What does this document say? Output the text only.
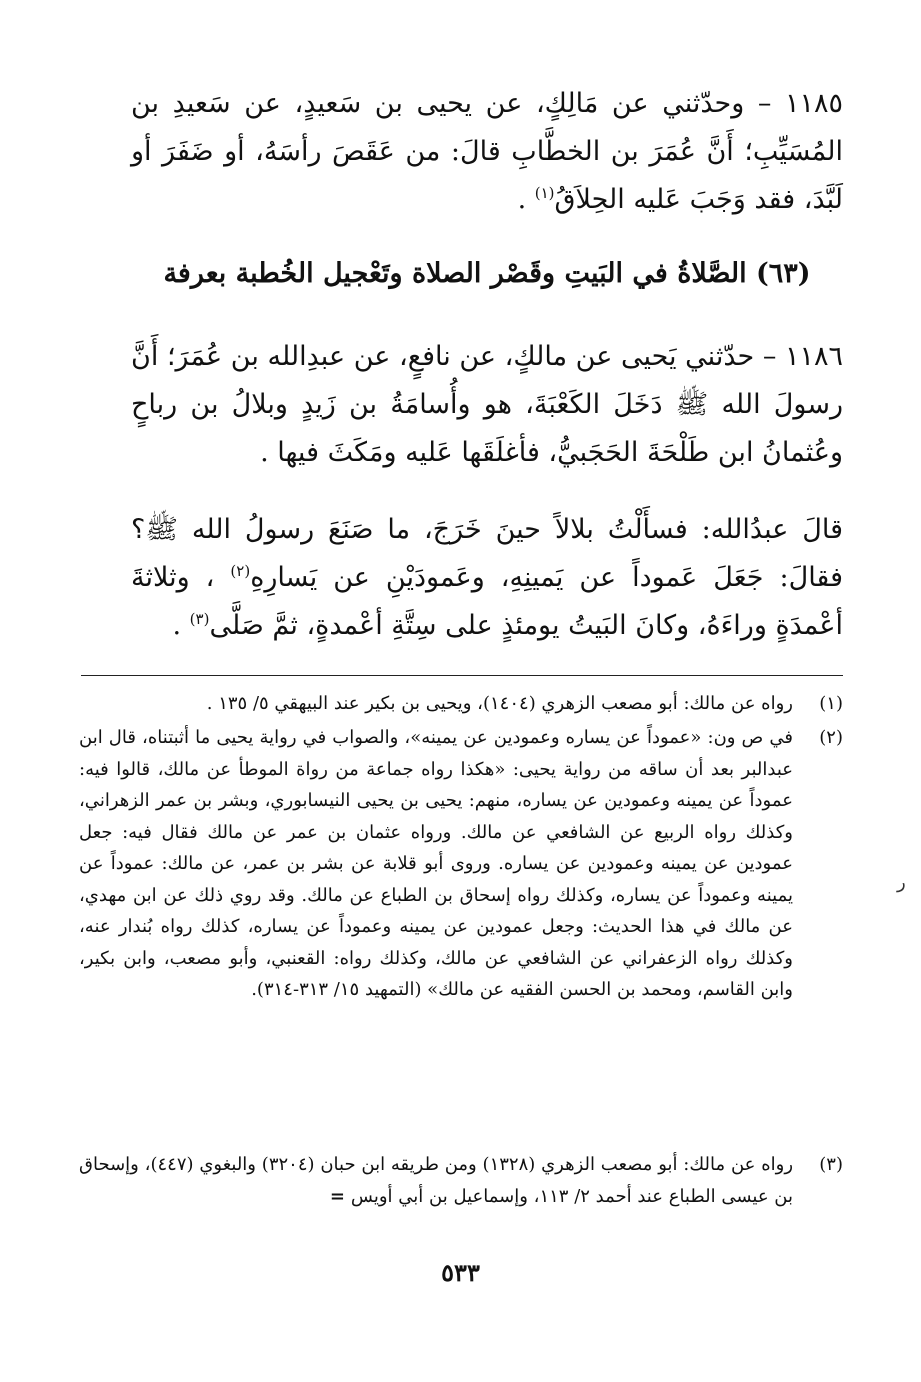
١١٨٥ – وحدّثني عن مَالِكٍ، عن يحيى بن سَعيدٍ، عن سَعيدِ بن المُسَيِّبِ؛ أَنَّ عُمَرَ بن الخطَّابِ قالَ: من عَقَصَ رأسَهُ، أو ضَفَرَ أو لَبَّدَ، فقد وَجَبَ عَليه الحِلاَقُ$^{(١)}$ .

(٦٣) الصَّلاةُ في البَيتِ وقَصْر الصلاة وتَعْجيل الخُطبة بعرفة

١١٨٦ – حدّثني يَحيى عن مالكٍ، عن نافعٍ، عن عبدِالله بن عُمَرَ؛ أَنَّ رسولَ الله ﷺ دَخَلَ الكَعْبَةَ، هو وأُسامَةُ بن زَيدٍ وبلالُ بن رباحٍ وعُثمانُ ابن طَلْحَةَ الحَجَبيُّ، فأغلَقَها عَليه ومَكَثَ فيها .

قالَ عبدُالله: فسأَلْتُ بلالاً حينَ خَرَجَ، ما صَنَعَ رسولُ الله ﷺ؟ فقالَ: جَعَلَ عَموداً عن يَمينِهِ، وعَمودَيْنِ عن يَسارِهِ$^{(٢)}$ ، وثلاثةَ أعْمدَةٍ وراءَهُ، وكانَ البَيتُ يومئذٍ على سِتَّةِ أعْمدةٍ، ثمَّ صَلَّى$^{(٣)}$ .

(١)
رواه عن مالك: أبو مصعب الزهري (١٤٠٤)، ويحيى بن بكير عند البيهقي ٥/ ١٣٥ .
(٢)
في ص ون: «عموداً عن يساره وعمودين عن يمينه»، والصواب في رواية يحيى ما أثبتناه، قال ابن عبدالبر بعد أن ساقه من رواية يحيى: «هكذا رواه جماعة من رواة الموطأ عن مالك، قالوا فيه: عموداً عن يمينه وعمودين عن يساره، منهم: يحيى بن يحيى النيسابوري، وبشر بن عمر الزهراني، وكذلك رواه الربيع عن الشافعي عن مالك. ورواه عثمان بن عمر عن مالك فقال فيه: جعل عمودين عن يمينه وعمودين عن يساره. وروى أبو قلابة عن بشر بن عمر، عن مالك: عموداً عن يمينه وعموداً عن يساره، وكذلك رواه إسحاق بن الطباع عن مالك. وقد روي ذلك عن ابن مهدي، عن مالك في هذا الحديث: وجعل عمودين عن يمينه وعموداً عن يساره، كذلك رواه بُندار عنه، وكذلك رواه الزعفراني عن الشافعي عن مالك، وكذلك رواه: القعنبي، وأبو مصعب، وابن بكير، وابن القاسم، ومحمد بن الحسن الفقيه عن مالك» (التمهيد ١٥/ ٣١٣-٣١٤).
(٣)
رواه عن مالك: أبو مصعب الزهري (١٣٢٨) ومن طريقه ابن حبان (٣٢٠٤) والبغوي (٤٤٧)، وإسحاق بن عيسى الطباع عند أحمد ٢/ ١١٣، وإسماعيل بن أبي أويس=
٥٣٣
ر
